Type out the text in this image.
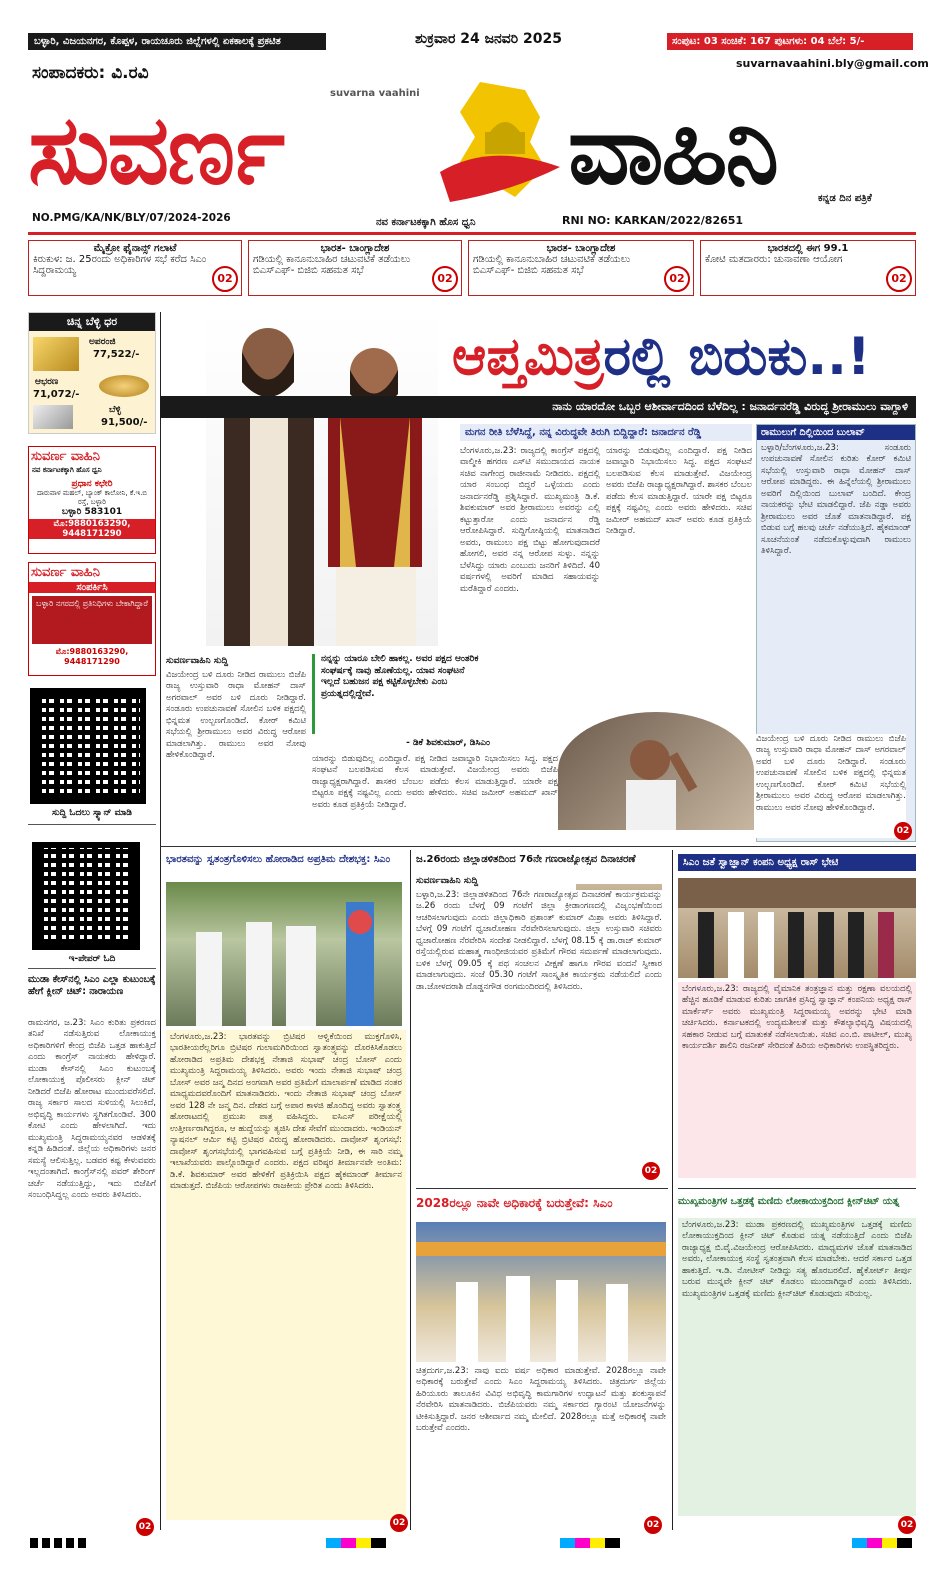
ಬಳ್ಳಾರಿ, ವಿಜಯನಗರ, ಕೊಪ್ಪಳ, ರಾಯಚೂರು ಜಿಲ್ಲೆಗಳಲ್ಲಿ ಏಕಕಾಲಕ್ಕೆ ಪ್ರಕಟಿತ	ಶುಕ್ರವಾರ 24 ಜನವರಿ 2025	ಸಂಪುಟ: 03 ಸಂಚಿಕೆ: 167 ಪುಟಗಳು: 04 ಬೆಲೆ: 5/-
suvarnavaahini.bly@gmail.com
ಸಂಪಾದಕರು: ವಿ.ರವಿ
suvarna vaahini
ಸುವರ್ಣ	ವಾಹಿನಿ	ಕನ್ನಡ ದಿನ ಪತ್ರಿಕೆ
NO.PMG/KA/NK/BLY/07/2024-2026	ನವ ಕರ್ನಾಟಕಕ್ಕಾಗಿ ಹೊಸ ಧ್ವನಿ	RNI NO: KARKAN/2022/82651
ಮೈಕ್ರೋ ಫೈನಾನ್ಸ್ ಗಲಾಟೆ
ಕಿರುಕುಳ: ಜ. 25ರಂದು ಅಧಿಕಾರಿಗಳ ಸಭೆ ಕರೆದ ಸಿಎಂ ಸಿದ್ದರಾಮಯ್ಯ
02
ಭಾರತ- ಬಾಂಗ್ಲಾದೇಶ
ಗಡಿಯಲ್ಲಿ ಕಾನೂನುಬಾಹಿರ ಚಟುವಟಿಕೆ ತಡೆಯಲು ಬಿಎಸ್‌ಎಫ್- ಬಿಜಿಬಿ ಸಹಮತ ಸಭೆ
02
ಭಾರತ- ಬಾಂಗ್ಲಾದೇಶ
ಗಡಿಯಲ್ಲಿ ಕಾನೂನುಬಾಹಿರ ಚಟುವಟಿಕೆ ತಡೆಯಲು ಬಿಎಸ್‌ಎಫ್- ಬಿಜಿಬಿ ಸಹಮತ ಸಭೆ
02
ಭಾರತದಲ್ಲಿ ಈಗ 99.1
ಕೋಟಿ ಮತದಾರರು: ಚುನಾವಣಾ ಆಯೋಗ
02
ಚಿನ್ನ ಬೆಳ್ಳಿ ಧರ
ಅಪರಂಜಿ
77,522/-
ಆಭರಣ
71,072/-
ಬೆಳ್ಳಿ
91,500/-
ಸುವರ್ಣ ವಾಹಿನಿ
ನವ ಕರ್ನಾಟಕಕ್ಕಾಗಿ ಹೊಸ ಧ್ವನಿ
ಪ್ರಧಾನ ಕಛೇರಿ
ದಾರುವಾಳ ಮಹಲ್, ಬ್ಯಾಂಕ್ ಕಾಲೋನಿ, ಕೆ.ಇ.ಬಿ ರಸ್ತೆ, ಬಳ್ಳಾರಿ
ಬಳ್ಳಾರಿ 583101
ಮೊ:9880163290, 9448171290
ಸುವರ್ಣ ವಾಹಿನಿ
ಸಂಪರ್ಕಿಸಿ
ಬಳ್ಳಾರಿ ನಗರದಲ್ಲಿ ಪ್ರತಿನಿಧಿಗಳು ಬೇಕಾಗಿದ್ದಾರೆ
ಮೊ:9880163290, 9448171290
ಸುದ್ದಿ ಓದಲು ಸ್ಕ್ಯಾನ್ ಮಾಡಿ
ಇ-ಪೇಪರ್ ಓದಿ
ಮುಡಾ ಕೇಸ್‌ನಲ್ಲಿ ಸಿಎಂ ಎಲ್ಲಾ ಕುಟುಂಬಕ್ಕೆ ಹೇಗೆ ಕ್ಲೀನ್ ಚಿಟ್: ನಾರಾಯಣ
ರಾಮನಗರ, ಜ.23: ಸಿಎಂ ಕುರಿತು ಪ್ರಕರಣದ ತನಿಖೆ ನಡೆಸುತ್ತಿರುವ ಲೋಕಾಯುಕ್ತ ಅಧಿಕಾರಿಗಳಿಗೆ ಕೇಂದ್ರ ಬಿಜೆಪಿ ಒತ್ತಡ ಹಾಕುತ್ತಿದೆ ಎಂದು ಕಾಂಗ್ರೆಸ್ ನಾಯಕರು ಹೇಳಿದ್ದಾರೆ. ಮುಡಾ ಕೇಸ್‌ನಲ್ಲಿ ಸಿಎಂ ಕುಟುಂಬಕ್ಕೆ ಲೋಕಾಯುಕ್ತ ಪೊಲೀಸರು ಕ್ಲೀನ್ ಚಿಟ್ ನೀಡಿದರೆ ಬಿಜೆಪಿ ಹೋರಾಟ ಮುಂದುವರೆಸಲಿದೆ. ರಾಜ್ಯ ಸರ್ಕಾರ ಸಾಲದ ಸುಳಿಯಲ್ಲಿ ಸಿಲುಕಿದೆ, ಅಭಿವೃದ್ಧಿ ಕಾರ್ಯಗಳು ಸ್ಥಗಿತಗೊಂಡಿವೆ. 300 ಕೋಟಿ ಎಂದು ಹೇಳಲಾಗಿದೆ. ಇದು ಮುಖ್ಯಮಂತ್ರಿ ಸಿದ್ದರಾಮಯ್ಯನವರ ಆಡಳಿತಕ್ಕೆ ಕನ್ನಡಿ ಹಿಡಿದಂತೆ. ಜಿಲ್ಲೆಯ ಅಧಿಕಾರಿಗಳು ಜನರ ಸಮಸ್ಯೆ ಆಲಿಸುತ್ತಿಲ್ಲ. ಬಡವರ ಕಷ್ಟ ಕೇಳುವವರು ಇಲ್ಲದಂತಾಗಿದೆ. ಕಾಂಗ್ರೆಸ್‌ನಲ್ಲಿ ಪವರ್ ಶೇರಿಂಗ್ ಚರ್ಚೆ ನಡೆಯುತ್ತಿದ್ದು, ಇದು ಬಿಜೆಪಿಗೆ ಸಂಬಂಧಿಸಿದ್ದಲ್ಲ ಎಂದು ಅವರು ತಿಳಿಸಿದರು.
02
ಆಪ್ತಮಿತ್ರರಲ್ಲಿ ಬಿರುಕು..!
ನಾನು ಯಾರದೋ ಒಬ್ಬರ ಆಶೀರ್ವಾದದಿಂದ ಬೆಳೆದಿಲ್ಲ : ಜನಾರ್ದನರೆಡ್ಡಿ ವಿರುದ್ಧ ಶ್ರೀರಾಮುಲು ವಾಗ್ದಾಳಿ
ಮಗನ ರೀತಿ ಬೆಳೆಸಿದ್ದೆ, ನನ್ನ ವಿರುದ್ಧವೇ ತಿರುಗಿ ಬಿದ್ದಿದ್ದಾರೆ: ಜನಾರ್ದನ ರೆಡ್ಡಿ
ಬೆಂಗಳೂರು,ಜ.23: ರಾಜ್ಯದಲ್ಲಿ ಕಾಂಗ್ರೆಸ್ ಪಕ್ಷದಲ್ಲಿ ವಾಲ್ಮೀಕಿ ಹಗರಣ ಎಸ್‌ಟಿ ಸಮುದಾಯದ ನಾಯಕ ಸಚಿವ ನಾಗೇಂದ್ರ ರಾಜೀನಾಮೆ ನೀಡಿದರು. ಪಕ್ಷದಲ್ಲಿ ಯಾರ ಸಂಬಂಧ ಬಿದ್ದರೆ ಒಳ್ಳೆಯದು ಎಂದು ಜನಾರ್ದನರೆಡ್ಡಿ ಪ್ರಶ್ನಿಸಿದ್ದಾರೆ. ಮುಖ್ಯಮಂತ್ರಿ ಡಿ.ಕೆ. ಶಿವಕುಮಾರ್ ಅವರ ಶ್ರೀರಾಮುಲು ಅವರನ್ನು ಎಲ್ಲಿ ಕಟ್ಟುತ್ತಾರೋ ಎಂದು ಜನಾರ್ದನ ರೆಡ್ಡಿ ಆರೋಪಿಸಿದ್ದಾರೆ. ಸುದ್ದಿಗೋಷ್ಠಿಯಲ್ಲಿ ಮಾತನಾಡಿದ ಅವರು, ರಾಮುಲು ಪಕ್ಷ ಬಿಟ್ಟು ಹೋಗುವುದಾದರೆ ಹೋಗಲಿ, ಅವರ ನನ್ನ ಆರೋಪ ಸುಳ್ಳು. ನನ್ನನ್ನು ಬೆಳೆಸಿದ್ದು ಯಾರು ಎಂಬುದು ಜನರಿಗೆ ತಿಳಿದಿದೆ. 40 ವರ್ಷಗಳಲ್ಲಿ ಅವರಿಗೆ ಮಾಡಿದ ಸಹಾಯವನ್ನು ಮರೆತಿದ್ದಾರೆ ಎಂದರು.
ಯಾರನ್ನು ಬಿಡುವುದಿಲ್ಲ ಎಂದಿದ್ದಾರೆ. ಪಕ್ಷ ನೀಡಿದ ಜವಾಬ್ದಾರಿ ನಿಭಾಯಿಸಲು ಸಿದ್ಧ. ಪಕ್ಷದ ಸಂಘಟನೆ ಬಲಪಡಿಸುವ ಕೆಲಸ ಮಾಡುತ್ತೇವೆ. ವಿಜಯೇಂದ್ರ ಅವರು ಬಿಜೆಪಿ ರಾಜ್ಯಾಧ್ಯಕ್ಷರಾಗಿದ್ದಾರೆ. ಶಾಸಕರ ಬೆಂಬಲ ಪಡೆದು ಕೆಲಸ ಮಾಡುತ್ತಿದ್ದಾರೆ. ಯಾರೇ ಪಕ್ಷ ಬಿಟ್ಟರೂ ಪಕ್ಷಕ್ಕೆ ನಷ್ಟವಿಲ್ಲ ಎಂದು ಅವರು ಹೇಳಿದರು. ಸಚಿವ ಜಮೀರ್ ಅಹಮದ್ ಖಾನ್ ಅವರು ಕೂಡ ಪ್ರತಿಕ್ರಿಯೆ ನೀಡಿದ್ದಾರೆ.
ರಾಮುಲುಗೆ ದಿಲ್ಲಿಯಿಂದ ಬುಲಾವ್
ಬಳ್ಳಾರಿ/ಬೆಂಗಳೂರು,ಜ.23: ಸಂಡೂರು ಉಪಚುನಾವಣೆ ಸೋಲಿನ ಕುರಿತು ಕೋರ್ ಕಮಿಟಿ ಸಭೆಯಲ್ಲಿ ಉಸ್ತುವಾರಿ ರಾಧಾ ಮೋಹನ್ ದಾಸ್ ಆರೋಪ ಮಾಡಿದ್ದರು. ಈ ಹಿನ್ನೆಲೆಯಲ್ಲಿ ಶ್ರೀರಾಮುಲು ಅವರಿಗೆ ದಿಲ್ಲಿಯಿಂದ ಬುಲಾವ್ ಬಂದಿದೆ. ಕೇಂದ್ರ ನಾಯಕರನ್ನು ಭೇಟಿ ಮಾಡಲಿದ್ದಾರೆ. ಜೆಪಿ ನಡ್ಡಾ ಅವರು ಶ್ರೀರಾಮುಲು ಅವರ ಜೊತೆ ಮಾತನಾಡಿದ್ದಾರೆ. ಪಕ್ಷ ಬಿಡುವ ಬಗ್ಗೆ ಹಲವು ಚರ್ಚೆ ನಡೆಯುತ್ತಿದೆ. ಹೈಕಮಾಂಡ್ ಸೂಚನೆಯಂತೆ ನಡೆದುಕೊಳ್ಳುವುದಾಗಿ ರಾಮುಲು ತಿಳಿಸಿದ್ದಾರೆ.
ವಿಜಯೇಂದ್ರ ಬಳಿ ದೂರು ನೀಡಿದ ರಾಮುಲು ಬಿಜೆಪಿ ರಾಜ್ಯ ಉಸ್ತುವಾರಿ ರಾಧಾ ಮೋಹನ್ ದಾಸ್ ಅಗರವಾಲ್ ಅವರ ಬಳಿ ದೂರು ನೀಡಿದ್ದಾರೆ. ಸಂಡೂರು ಉಪಚುನಾವಣೆ ಸೋಲಿನ ಬಳಿಕ ಪಕ್ಷದಲ್ಲಿ ಭಿನ್ನಮತ ಉಲ್ಬಣಗೊಂಡಿದೆ. ಕೋರ್ ಕಮಿಟಿ ಸಭೆಯಲ್ಲಿ ಶ್ರೀರಾಮುಲು ಅವರ ವಿರುದ್ಧ ಆರೋಪ ಮಾಡಲಾಗಿತ್ತು. ರಾಮುಲು ಅವರ ನೋವು ಹೇಳಿಕೊಂಡಿದ್ದಾರೆ.
02
ಸುವರ್ಣವಾಹಿನಿ ಸುದ್ದಿ
ವಿಜಯೇಂದ್ರ ಬಳಿ ದೂರು ನೀಡಿದ ರಾಮುಲು ಬಿಜೆಪಿ ರಾಜ್ಯ ಉಸ್ತುವಾರಿ ರಾಧಾ ಮೋಹನ್ ದಾಸ್ ಅಗರವಾಲ್ ಅವರ ಬಳಿ ದೂರು ನೀಡಿದ್ದಾರೆ. ಸಂಡೂರು ಉಪಚುನಾವಣೆ ಸೋಲಿನ ಬಳಿಕ ಪಕ್ಷದಲ್ಲಿ ಭಿನ್ನಮತ ಉಲ್ಬಣಗೊಂಡಿದೆ. ಕೋರ್ ಕಮಿಟಿ ಸಭೆಯಲ್ಲಿ ಶ್ರೀರಾಮುಲು ಅವರ ವಿರುದ್ಧ ಆರೋಪ ಮಾಡಲಾಗಿತ್ತು. ರಾಮುಲು ಅವರ ನೋವು ಹೇಳಿಕೊಂಡಿದ್ದಾರೆ.
ನನ್ನನ್ನು ಯಾರೂ ಬೇಲಿ ಹಾಕಲ್ಲ. ಅವರ ಪಕ್ಷದ ಆಂತರಿಕ ಸಂಘರ್ಷಕ್ಕೆ ನಾವು ಹೊಣೆಯಲ್ಲ. ಯಾವ ಸಂಘಟನೆ ಇಲ್ಲದೆ ಬಹುಜನ ಪಕ್ಷ ಕಟ್ಟಿಕೊಳ್ಳಬೇಕು ಎಂಬ ಪ್ರಯತ್ನದಲ್ಲಿದ್ದೇವೆ.
- ಡಿಕೆ ಶಿವಕುಮಾರ್, ಡಿಸಿಎಂ
ಯಾರನ್ನು ಬಿಡುವುದಿಲ್ಲ ಎಂದಿದ್ದಾರೆ. ಪಕ್ಷ ನೀಡಿದ ಜವಾಬ್ದಾರಿ ನಿಭಾಯಿಸಲು ಸಿದ್ಧ. ಪಕ್ಷದ ಸಂಘಟನೆ ಬಲಪಡಿಸುವ ಕೆಲಸ ಮಾಡುತ್ತೇವೆ. ವಿಜಯೇಂದ್ರ ಅವರು ಬಿಜೆಪಿ ರಾಜ್ಯಾಧ್ಯಕ್ಷರಾಗಿದ್ದಾರೆ. ಶಾಸಕರ ಬೆಂಬಲ ಪಡೆದು ಕೆಲಸ ಮಾಡುತ್ತಿದ್ದಾರೆ. ಯಾರೇ ಪಕ್ಷ ಬಿಟ್ಟರೂ ಪಕ್ಷಕ್ಕೆ ನಷ್ಟವಿಲ್ಲ ಎಂದು ಅವರು ಹೇಳಿದರು. ಸಚಿವ ಜಮೀರ್ ಅಹಮದ್ ಖಾನ್ ಅವರು ಕೂಡ ಪ್ರತಿಕ್ರಿಯೆ ನೀಡಿದ್ದಾರೆ.
ಭಾರತವನ್ನು ಸ್ವತಂತ್ರಗೊಳಿಸಲು ಹೋರಾಡಿದ ಅಪ್ರತಿಮ ದೇಶಭಕ್ತ: ಸಿಎಂ
ಬೆಂಗಳೂರು,ಜ.23: ಭಾರತವನ್ನು ಬ್ರಿಟಿಷರ ಆಳ್ವಿಕೆಯಿಂದ ಮುಕ್ತಗೊಳಿಸಿ, ಭಾರತೀಯರೆಲ್ಲರಿಗೂ ಬ್ರಿಟಿಷರ ಗುಲಾಮಗಿರಿಯಿಂದ ಸ್ವಾತಂತ್ರ್ಯವನ್ನು ದೊರಕಿಸಿಕೊಡಲು ಹೋರಾಡಿದ ಅಪ್ರತಿಮ ದೇಶಭಕ್ತ ನೇತಾಜಿ ಸುಭಾಷ್ ಚಂದ್ರ ಬೋಸ್ ಎಂದು ಮುಖ್ಯಮಂತ್ರಿ ಸಿದ್ದರಾಮಯ್ಯ ತಿಳಿಸಿದರು. ಅವರು ಇಂದು ನೇತಾಜಿ ಸುಭಾಷ್ ಚಂದ್ರ ಬೋಸ್ ಅವರ ಜನ್ಮ ದಿನದ ಅಂಗವಾಗಿ ಅವರ ಪ್ರತಿಮೆಗೆ ಮಾಲಾರ್ಪಣೆ ಮಾಡಿದ ನಂತರ ಮಾಧ್ಯಮದವರೊಂದಿಗೆ ಮಾತನಾಡಿದರು. ಇಂದು ನೇತಾಜಿ ಸುಭಾಷ್ ಚಂದ್ರ ಬೋಸ್ ಅವರ 128 ನೇ ಜನ್ಮ ದಿನ. ದೇಶದ ಬಗ್ಗೆ ಅಪಾರ ಕಾಳಜಿ ಹೊಂದಿದ್ದ ಅವರು ಸ್ವಾತಂತ್ರ್ಯ ಹೋರಾಟದಲ್ಲಿ ಪ್ರಮುಖ ಪಾತ್ರ ವಹಿಸಿದ್ದರು. ಐಸಿಎಸ್ ಪರೀಕ್ಷೆಯಲ್ಲಿ ಉತ್ತೀರ್ಣರಾಗಿದ್ದರೂ, ಆ ಹುದ್ದೆಯನ್ನು ತ್ಯಜಿಸಿ ದೇಶ ಸೇವೆಗೆ ಮುಂದಾದರು. ಇಂಡಿಯನ್ ನ್ಯಾಷನಲ್ ಆರ್ಮಿ ಕಟ್ಟಿ ಬ್ರಿಟಿಷರ ವಿರುದ್ಧ ಹೋರಾಡಿದರು. ದಾವೋಸ್ ಶೃಂಗಸಭೆ: ದಾವೋಸ್ ಶೃಂಗಸಭೆಯಲ್ಲಿ ಭಾಗವಹಿಸುವ ಬಗ್ಗೆ ಪ್ರತಿಕ್ರಿಯೆ ನೀಡಿ, ಈ ಸಾರಿ ನಮ್ಮ ಇಲಾಖೆಯವರು ಪಾಲ್ಗೊಂಡಿದ್ದಾರೆ ಎಂದರು. ಪಕ್ಷದ ವರಿಷ್ಠರ ತೀರ್ಮಾನವೇ ಅಂತಿಮ: ಡಿ.ಕೆ. ಶಿವಕುಮಾರ್ ಅವರ ಹೇಳಿಕೆಗೆ ಪ್ರತಿಕ್ರಿಯಿಸಿ ಪಕ್ಷದ ಹೈಕಮಾಂಡ್ ತೀರ್ಮಾನ ಮಾಡುತ್ತದೆ. ಬಿಜೆಪಿಯ ಆರೋಪಗಳು ರಾಜಕೀಯ ಪ್ರೇರಿತ ಎಂದು ತಿಳಿಸಿದರು.
02
ಜ.26ರಂದು ಜಿಲ್ಲಾಡಳಿತದಿಂದ 76ನೇ ಗಣರಾಜ್ಯೋತ್ಸವ ದಿನಾಚರಣೆ
ಸುವರ್ಣವಾಹಿನಿ ಸುದ್ದಿ
ಬಳ್ಳಾರಿ,ಜ.23: ಜಿಲ್ಲಾಡಳಿತದಿಂದ 76ನೇ ಗಣರಾಜ್ಯೋತ್ಸವ ದಿನಾಚರಣೆ ಕಾರ್ಯಕ್ರಮವನ್ನು ಜ.26 ರಂದು ಬೆಳಗ್ಗೆ 09 ಗಂಟೆಗೆ ಜಿಲ್ಲಾ ಕ್ರೀಡಾಂಗಣದಲ್ಲಿ ವಿಜೃಂಭಣೆಯಿಂದ ಆಚರಿಸಲಾಗುವುದು ಎಂದು ಜಿಲ್ಲಾಧಿಕಾರಿ ಪ್ರಶಾಂತ್ ಕುಮಾರ್ ಮಿಶ್ರಾ ಅವರು ತಿಳಿಸಿದ್ದಾರೆ. ಬೆಳಗ್ಗೆ 09 ಗಂಟೆಗೆ ಧ್ವಜಾರೋಹಣ ನೆರವೇರಿಸಲಾಗುವುದು. ಜಿಲ್ಲಾ ಉಸ್ತುವಾರಿ ಸಚಿವರು ಧ್ವಜಾರೋಹಣ ನೆರವೇರಿಸಿ ಸಂದೇಶ ನೀಡಲಿದ್ದಾರೆ. ಬೆಳಗ್ಗೆ 08.15 ಕ್ಕೆ ಡಾ.ರಾಜ್ ಕುಮಾರ್ ರಸ್ತೆಯಲ್ಲಿರುವ ಮಹಾತ್ಮ ಗಾಂಧೀಜಿಯವರ ಪ್ರತಿಮೆಗೆ ಗೌರವ ಸಮರ್ಪಣೆ ಮಾಡಲಾಗುವುದು. ಬಳಿಕ ಬೆಳಗ್ಗೆ 09.05 ಕ್ಕೆ ಪಥ ಸಂಚಲನ ವೀಕ್ಷಣೆ ಹಾಗೂ ಗೌರವ ವಂದನೆ ಸ್ವೀಕಾರ ಮಾಡಲಾಗುವುದು. ಸಂಜೆ 05.30 ಗಂಟೆಗೆ ಸಾಂಸ್ಕೃತಿಕ ಕಾರ್ಯಕ್ರಮ ನಡೆಯಲಿದೆ ಎಂದು ಡಾ.ಜೋಳದರಾಶಿ ದೊಡ್ಡನಗೌಡ ರಂಗಮಂದಿರದಲ್ಲಿ ತಿಳಿಸಿದರು.
02
2028ರಲ್ಲೂ ನಾವೇ ಅಧಿಕಾರಕ್ಕೆ ಬರುತ್ತೇವೆ: ಸಿಎಂ
ಚಿತ್ರದುರ್ಗ,ಜ.23: ನಾವು ಐದು ವರ್ಷ ಅಧಿಕಾರ ಮಾಡುತ್ತೇವೆ. 2028ರಲ್ಲೂ ನಾವೇ ಅಧಿಕಾರಕ್ಕೆ ಬರುತ್ತೇವೆ ಎಂದು ಸಿಎಂ ಸಿದ್ದರಾಮಯ್ಯ ತಿಳಿಸಿದರು. ಚಿತ್ರದುರ್ಗ ಜಿಲ್ಲೆಯ ಹಿರಿಯೂರು ತಾಲೂಕಿನ ವಿವಿಧ ಅಭಿವೃದ್ಧಿ ಕಾಮಗಾರಿಗಳ ಉದ್ಘಾಟನೆ ಮತ್ತು ಶಂಕುಸ್ಥಾಪನೆ ನೆರವೇರಿಸಿ ಮಾತನಾಡಿದರು. ಬಿಜೆಪಿಯವರು ನಮ್ಮ ಸರ್ಕಾರದ ಗ್ಯಾರಂಟಿ ಯೋಜನೆಗಳನ್ನು ಟೀಕಿಸುತ್ತಿದ್ದಾರೆ. ಜನರ ಆಶೀರ್ವಾದ ನಮ್ಮ ಮೇಲಿದೆ. 2028ರಲ್ಲೂ ಮತ್ತೆ ಅಧಿಕಾರಕ್ಕೆ ನಾವೇ ಬರುತ್ತೇವೆ ಎಂದರು.
02
ಸಿಎಂ ಜತೆ ಸ್ವಾಜ್ಞಾನ್ ಕಂಪನಿ ಅಧ್ಯಕ್ಷ ರಾಸ್ ಭೇಟಿ
ಬೆಂಗಳೂರು,ಜ.23: ರಾಜ್ಯದಲ್ಲಿ ವೈಮಾನಿಕ ತಂತ್ರಜ್ಞಾನ ಮತ್ತು ರಕ್ಷಣಾ ವಲಯದಲ್ಲಿ ಹೆಚ್ಚಿನ ಹೂಡಿಕೆ ಮಾಡುವ ಕುರಿತು ಜಾಗತಿಕ ಪ್ರಸಿದ್ಧ ಸ್ವಾಜ್ಞಾನ್ ಕಂಪನಿಯ ಅಧ್ಯಕ್ಷ ರಾಸ್ ಮಾರ್ಕೆರ್ಸ್ ಅವರು ಮುಖ್ಯಮಂತ್ರಿ ಸಿದ್ದರಾಮಯ್ಯ ಅವರನ್ನು ಭೇಟಿ ಮಾಡಿ ಚರ್ಚಿಸಿದರು. ಕರ್ನಾಟಕದಲ್ಲಿ ಉದ್ಯಮಶೀಲತೆ ಮತ್ತು ಕೌಶಲ್ಯಾಭಿವೃದ್ಧಿ ವಿಷಯದಲ್ಲಿ ಸಹಕಾರ ನೀಡುವ ಬಗ್ಗೆ ಮಾತುಕತೆ ನಡೆಸಲಾಯಿತು. ಸಚಿವ ಎಂ.ಬಿ. ಪಾಟೀಲ್, ಮುಖ್ಯ ಕಾರ್ಯದರ್ಶಿ ಶಾಲಿನಿ ರಜನೀಶ್ ಸೇರಿದಂತೆ ಹಿರಿಯ ಅಧಿಕಾರಿಗಳು ಉಪಸ್ಥಿತರಿದ್ದರು.
ಮುಖ್ಯಮಂತ್ರಿಗಳ ಒತ್ತಡಕ್ಕೆ ಮಣಿದು ಲೋಕಾಯುಕ್ತದಿಂದ ಕ್ಲೀನ್‌ಚಿಟ್ ಯತ್ನ
ಬೆಂಗಳೂರು,ಜ.23: ಮುಡಾ ಪ್ರಕರಣದಲ್ಲಿ ಮುಖ್ಯಮಂತ್ರಿಗಳ ಒತ್ತಡಕ್ಕೆ ಮಣಿದು ಲೋಕಾಯುಕ್ತದಿಂದ ಕ್ಲೀನ್ ಚಿಟ್ ಕೊಡುವ ಯತ್ನ ನಡೆಯುತ್ತಿದೆ ಎಂದು ಬಿಜೆಪಿ ರಾಜ್ಯಾಧ್ಯಕ್ಷ ಬಿ.ವೈ.ವಿಜಯೇಂದ್ರ ಆರೋಪಿಸಿದರು. ಮಾಧ್ಯಮಗಳ ಜೊತೆ ಮಾತನಾಡಿದ ಅವರು, ಲೋಕಾಯುಕ್ತ ಸಂಸ್ಥೆ ಸ್ವತಂತ್ರವಾಗಿ ಕೆಲಸ ಮಾಡಬೇಕು. ಆದರೆ ಸರ್ಕಾರ ಒತ್ತಡ ಹಾಕುತ್ತಿದೆ. ಇ.ಡಿ. ನೋಟೀಸ್ ನೀಡಿದ್ದು ಸತ್ಯ ಹೊರಬರಲಿದೆ. ಹೈಕೋರ್ಟ್ ತೀರ್ಪು ಬರುವ ಮುನ್ನವೇ ಕ್ಲೀನ್ ಚಿಟ್ ಕೊಡಲು ಮುಂದಾಗಿದ್ದಾರೆ ಎಂದು ತಿಳಿಸಿದರು. ಮುಖ್ಯಮಂತ್ರಿಗಳ ಒತ್ತಡಕ್ಕೆ ಮಣಿದು ಕ್ಲೀನ್‌ಚಿಟ್ ಕೊಡುವುದು ಸರಿಯಲ್ಲ.
02
